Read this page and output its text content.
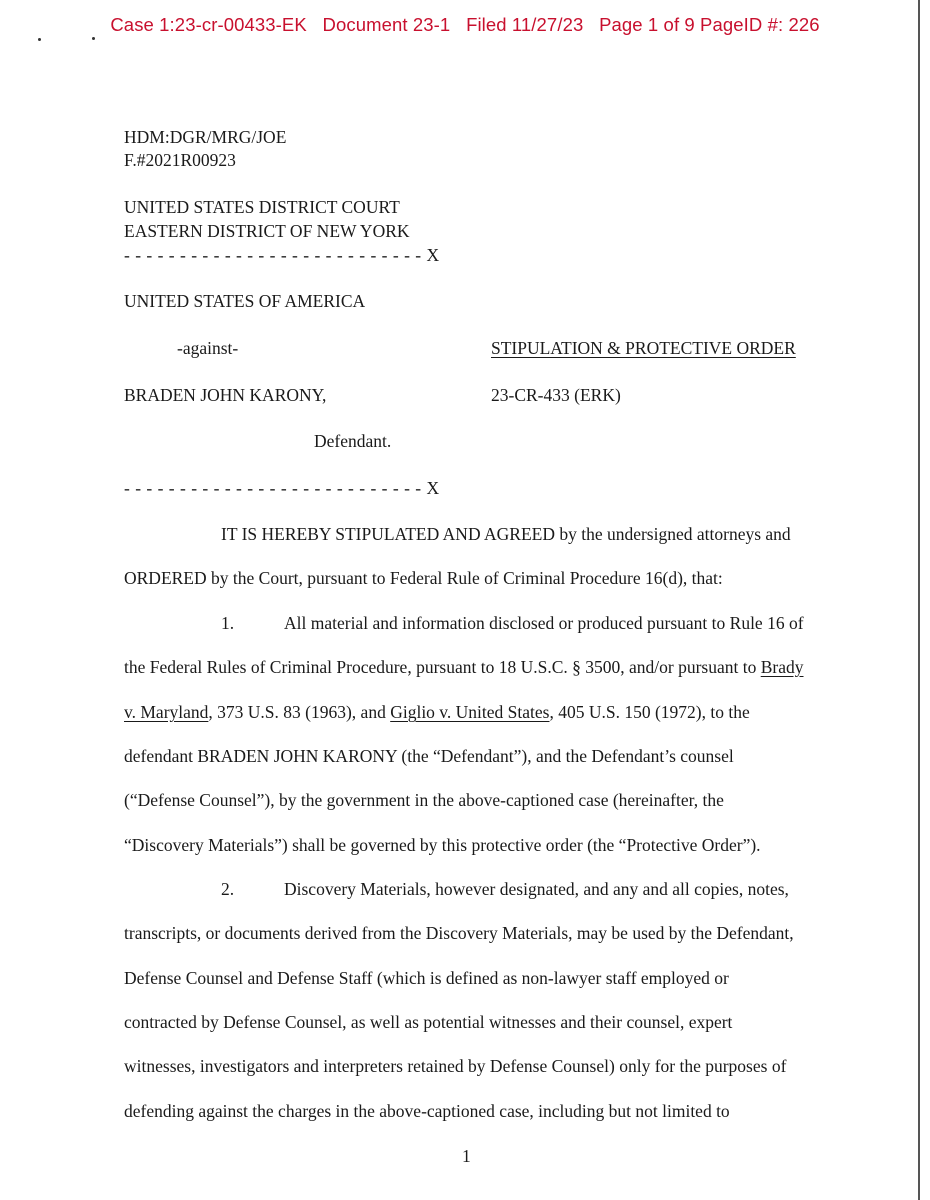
Case 1:23-cr-00433-EK Document 23-1 Filed 11/27/23 Page 1 of 9 PageID #: 226
HDM:DGR/MRG/JOE
F.#2021R00923
UNITED STATES DISTRICT COURT
EASTERN DISTRICT OF NEW YORK
- - - - - - - - - - - - - - - - - - - - - - - - - - - X
UNITED STATES OF AMERICA
-against-	STIPULATION & PROTECTIVE ORDER
BRADEN JOHN KARONY,	23-CR-433 (ERK)
Defendant.
- - - - - - - - - - - - - - - - - - - - - - - - - - - X
IT IS HEREBY STIPULATED AND AGREED by the undersigned attorneys and
ORDERED by the Court, pursuant to Federal Rule of Criminal Procedure 16(d), that:
1.	All material and information disclosed or produced pursuant to Rule 16 of
the Federal Rules of Criminal Procedure, pursuant to 18 U.S.C. § 3500, and/or pursuant to Brady
v. Maryland, 373 U.S. 83 (1963), and Giglio v. United States, 405 U.S. 150 (1972), to the
defendant BRADEN JOHN KARONY (the “Defendant”), and the Defendant’s counsel
(“Defense Counsel”), by the government in the above-captioned case (hereinafter, the
“Discovery Materials”) shall be governed by this protective order (the “Protective Order”).
2.	Discovery Materials, however designated, and any and all copies, notes,
transcripts, or documents derived from the Discovery Materials, may be used by the Defendant,
Defense Counsel and Defense Staff (which is defined as non-lawyer staff employed or
contracted by Defense Counsel, as well as potential witnesses and their counsel, expert
witnesses, investigators and interpreters retained by Defense Counsel) only for the purposes of
defending against the charges in the above-captioned case, including but not limited to
1
